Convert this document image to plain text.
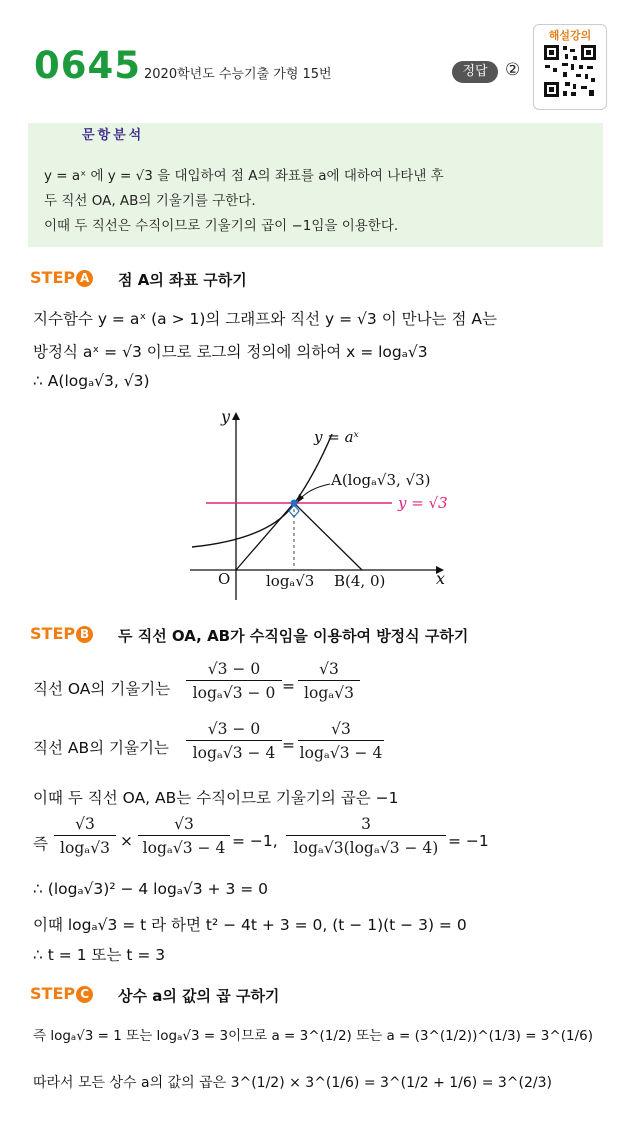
0645 2020학년도 수능기출 가형 15번	정답	②
해설강의
문항분석
y = aˣ 에 y = √3 을 대입하여 점 A의 좌표를 a에 대하여 나타낸 후
두 직선 OA, AB의 기울기를 구한다.
이때 두 직선은 수직이므로 기울기의 곱이 −1임을 이용한다.
STEP A 점 A의 좌표 구하기
지수함수 y = aˣ (a > 1)의 그래프와 직선 y = √3 이 만나는 점 A는
방정식 aˣ = √3 이므로 로그의 정의에 의하여 x = logₐ√3
∴ A(logₐ√3, √3)
y
x
O
y = aˣ
A(logₐ√3, √3)
y = √3
logₐ√3 B(4, 0)
STEP B 두 직선 OA, AB가 수직임을 이용하여 방정식 구하기
직선 OA의 기울기는 $\frac{√3 - 0}{\text{logₐ√3 − 0}} = \frac{√3}{\text{logₐ√3}}$
직선 AB의 기울기는 $\frac{√3 - 0}{\text{logₐ√3 − 4}} = \frac{√3}{\text{logₐ√3 − 4}}$
이때 두 직선 OA, AB는 수직이므로 기울기의 곱은 −1
즉 $\frac{√3}{\text{logₐ√3}} \times \frac{√3}{\text{logₐ√3 − 4}} = -1$, $\frac{3}{\text{logₐ√3(logₐ√3 − 4)}} = -1$
∴ (logₐ√3)² − 4 logₐ√3 + 3 = 0
이때 logₐ√3 = t 라 하면 t² − 4t + 3 = 0, (t − 1)(t − 3) = 0
∴ t = 1 또는 t = 3
STEP C 상수 a의 값의 곱 구하기
즉 logₐ√3 = 1 또는 logₐ√3 = 3이므로 a = 3^(1/2) 또는 a = (3^(1/2))^(1/3) = 3^(1/6)
따라서 모든 상수 a의 값의 곱은 3^(1/2) × 3^(1/6) = 3^(1/2 + 1/6) = 3^(2/3)
